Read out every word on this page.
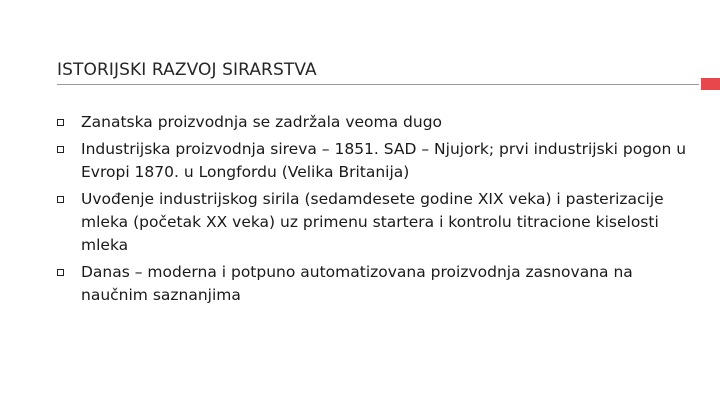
ISTORIJSKI RAZVOJ SIRARSTVA
Zanatska proizvodnja se zadržala veoma dugo
Industrijska proizvodnja sireva – 1851. SAD – Njujork; prvi industrijski pogon u Evropi 1870. u Longfordu (Velika Britanija)
Uvođenje industrijskog sirila (sedamdesete godine XIX veka) i pasterizacije mleka (početak XX veka) uz primenu startera i kontrolu titracione kiselosti mleka
Danas – moderna i potpuno automatizovana proizvodnja zasnovana na naučnim saznanjima
